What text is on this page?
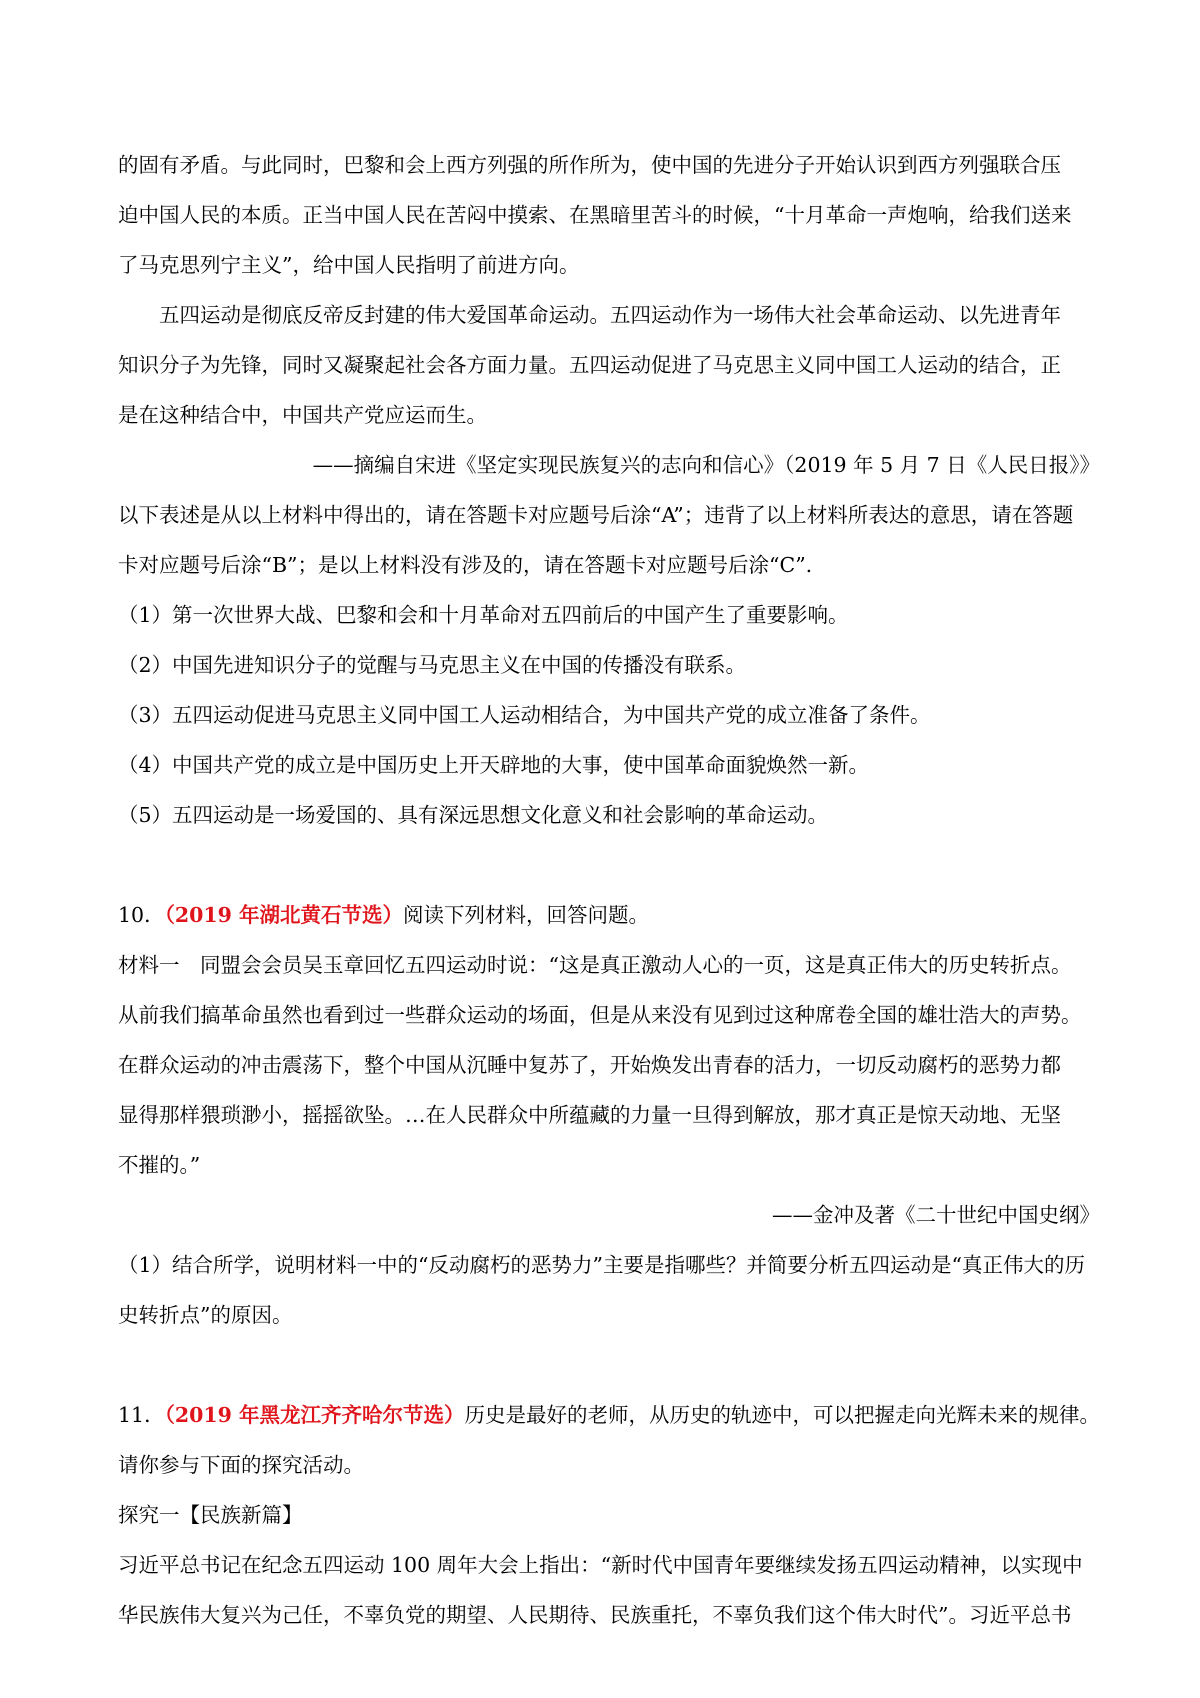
的固有矛盾。与此同时，巴黎和会上西方列强的所作所为，使中国的先进分子开始认识到西方列强联合压
迫中国人民的本质。正当中国人民在苦闷中摸索、在黑暗里苦斗的时候，“十月革命一声炮响，给我们送来
了马克思列宁主义”，给中国人民指明了前进方向。
五四运动是彻底反帝反封建的伟大爱国革命运动。五四运动作为一场伟大社会革命运动、以先进青年
知识分子为先锋，同时又凝聚起社会各方面力量。五四运动促进了马克思主义同中国工人运动的结合，正
是在这种结合中，中国共产党应运而生。
——摘编自宋进《坚定实现民族复兴的志向和信心》（2019 年 5 月 7 日《人民日报》》
以下表述是从以上材料中得出的，请在答题卡对应题号后涂“A”；违背了以上材料所表达的意思，请在答题
卡对应题号后涂“B”；是以上材料没有涉及的，请在答题卡对应题号后涂“C”.
（1）第一次世界大战、巴黎和会和十月革命对五四前后的中国产生了重要影响。
（2）中国先进知识分子的觉醒与马克思主义在中国的传播没有联系。
（3）五四运动促进马克思主义同中国工人运动相结合，为中国共产党的成立准备了条件。
（4）中国共产党的成立是中国历史上开天辟地的大事，使中国革命面貌焕然一新。
（5）五四运动是一场爱国的、具有深远思想文化意义和社会影响的革命运动。
10．（2019 年湖北黄石节选）阅读下列材料，回答问题。
材料一　同盟会会员吴玉章回忆五四运动时说：“这是真正激动人心的一页，这是真正伟大的历史转折点。
从前我们搞革命虽然也看到过一些群众运动的场面，但是从来没有见到过这种席卷全国的雄壮浩大的声势。
在群众运动的冲击震荡下，整个中国从沉睡中复苏了，开始焕发出青春的活力，一切反动腐朽的恶势力都
显得那样猥琐渺小，摇摇欲坠。…在人民群众中所蕴藏的力量一旦得到解放，那才真正是惊天动地、无坚
不摧的。”
——金冲及著《二十世纪中国史纲》
（1）结合所学，说明材料一中的“反动腐朽的恶势力”主要是指哪些？并简要分析五四运动是“真正伟大的历
史转折点”的原因。
11．（2019 年黑龙江齐齐哈尔节选）历史是最好的老师，从历史的轨迹中，可以把握走向光辉未来的规律。
请你参与下面的探究活动。
探究一【民族新篇】
习近平总书记在纪念五四运动 100 周年大会上指出：“新时代中国青年要继续发扬五四运动精神，以实现中
华民族伟大复兴为己任，不辜负党的期望、人民期待、民族重托，不辜负我们这个伟大时代”。习近平总书
